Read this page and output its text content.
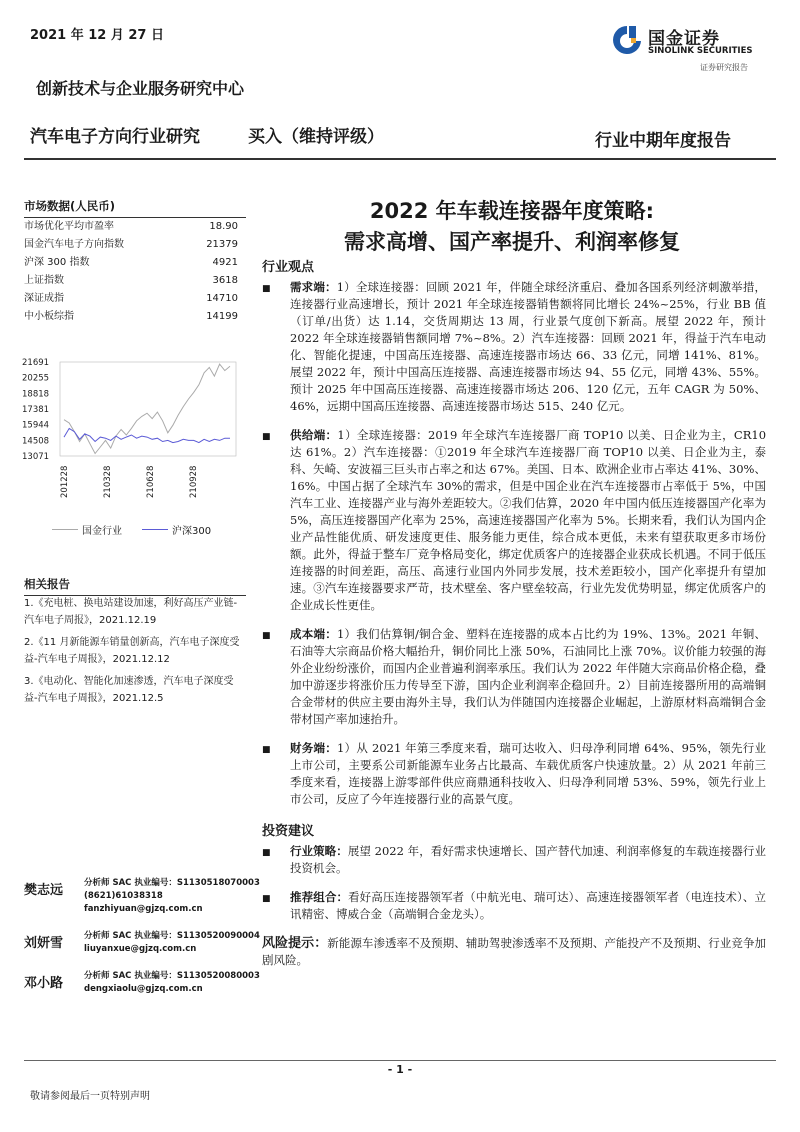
2021 年 12 月 27 日	国金证券
SINOLINK SECURITIES
证券研究报告
创新技术与企业服务研究中心
汽车电子方向行业研究	买入（维持评级）	行业中期年度报告
2022 年车载连接器年度策略:
需求高增、国产率提升、利润率修复
市场数据(人民币)
市场优化平均市盈率	18.90
国金汽车电子方向指数	21379
沪深 300 指数	4921
上证指数	3618
深证成指	14710
中小板综指	14199
21691
20255
18818
17381
15944
14508
13071
201228	210328	210628	210928
国金行业	沪深300
相关报告
1.《充电桩、换电站建设加速，利好高压产业链-汽车电子周报》，2021.12.19
2.《11 月新能源车销量创新高，汽车电子深度受益-汽车电子周报》，2021.12.12
3.《电动化、智能化加速渗透，汽车电子深度受益-汽车电子周报》，2021.12.5
樊志远	分析师 SAC 执业编号：S1130518070003
(8621)61038318
fanzhiyuan@gjzq.com.cn
刘妍雪	分析师 SAC 执业编号：S1130520090004
liuyanxue@gjzq.com.cn
邓小路	分析师 SAC 执业编号：S1130520080003
dengxiaolu@gjzq.com.cn
行业观点
■	需求端：1）全球连接器：回顾 2021 年，伴随全球经济重启、叠加各国系列经济刺激举措，连接器行业高速增长，预计 2021 年全球连接器销售额将同比增长 24%~25%，行业 BB 值（订单/出货）达 1.14，交货周期达 13 周，行业景气度创下新高。展望 2022 年，预计 2022 年全球连接器销售额同增 7%~8%。2）汽车连接器：回顾 2021 年，得益于汽车电动化、智能化提速，中国高压连接器、高速连接器市场达 66、33 亿元，同增 141%、81%。展望 2022 年，预计中国高压连接器、高速连接器市场达 94、55 亿元，同增 43%、55%。预计 2025 年中国高压连接器、高速连接器市场达 206、120 亿元，五年 CAGR 为 50%、46%，远期中国高压连接器、高速连接器市场达 515、240 亿元。
■	供给端：1）全球连接器：2019 年全球汽车连接器厂商 TOP10 以美、日企业为主，CR10 达 61%。2）汽车连接器：①2019 年全球汽车连接器厂商 TOP10 以美、日企业为主，泰科、矢崎、安波福三巨头市占率之和达 67%。美国、日本、欧洲企业市占率达 41%、30%、16%。中国占据了全球汽车 30%的需求，但是中国企业在汽车连接器市占率低于 5%，中国汽车工业、连接器产业与海外差距较大。②我们估算，2020 年中国内低压连接器国产化率为 5%，高压连接器国产化率为 25%，高速连接器国产化率为 5%。长期来看，我们认为国内企业产品性能优质、研发速度更佳、服务能力更佳，综合成本更低，未来有望获取更多市场份额。此外，得益于整车厂竞争格局变化，绑定优质客户的连接器企业获成长机遇。不同于低压连接器的时间差距，高压、高速行业国内外同步发展，技术差距较小，国产化率提升有望加速。③汽车连接器要求严苛，技术壁垒、客户壁垒较高，行业先发优势明显，绑定优质客户的企业成长性更佳。
■	成本端：1）我们估算铜/铜合金、塑料在连接器的成本占比约为 19%、13%。2021 年铜、石油等大宗商品价格大幅抬升，铜价同比上涨 50%，石油同比上涨 70%。议价能力较强的海外企业纷纷涨价，而国内企业普遍利润率承压。我们认为 2022 年伴随大宗商品价格企稳，叠加中游逐步将涨价压力传导至下游，国内企业利润率企稳回升。2）目前连接器所用的高端铜合金带材的供应主要由海外主导，我们认为伴随国内连接器企业崛起，上游原材料高端铜合金带材国产率加速抬升。
■	财务端：1）从 2021 年第三季度来看，瑞可达收入、归母净利同增 64%、95%，领先行业上市公司，主要系公司新能源车业务占比最高、车载优质客户快速放量。2）从 2021 年前三季度来看，连接器上游零部件供应商鼎通科技收入、归母净利同增 53%、59%，领先行业上市公司，反应了今年连接器行业的高景气度。
投资建议
■	行业策略：展望 2022 年，看好需求快速增长、国产替代加速、利润率修复的车载连接器行业投资机会。
■	推荐组合：看好高压连接器领军者（中航光电、瑞可达）、高速连接器领军者（电连技术）、立讯精密、博威合金（高端铜合金龙头）。
风险提示：新能源车渗透率不及预期、辅助驾驶渗透率不及预期、产能投产不及预期、行业竞争加剧风险。
- 1 -
敬请参阅最后一页特别声明
